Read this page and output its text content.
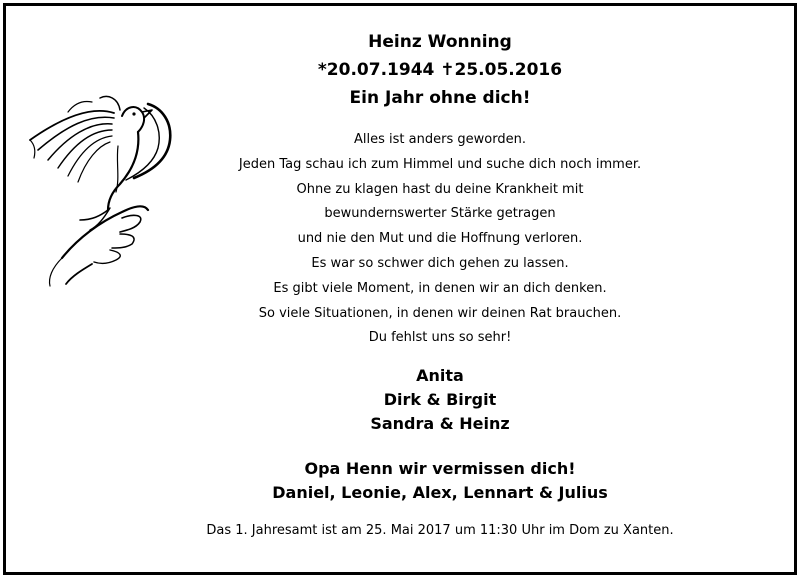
Heinz Wonning
*20.07.1944 ✝25.05.2016
Ein Jahr ohne dich!
Alles ist anders geworden.
Jeden Tag schau ich zum Himmel und suche dich noch immer.
Ohne zu klagen hast du deine Krankheit mit
bewundernswerter Stärke getragen
und nie den Mut und die Hoffnung verloren.
Es war so schwer dich gehen zu lassen.
Es gibt viele Moment, in denen wir an dich denken.
So viele Situationen, in denen wir deinen Rat brauchen.
Du fehlst uns so sehr!
Anita
Dirk & Birgit
Sandra & Heinz
Opa Henn wir vermissen dich!
Daniel, Leonie, Alex, Lennart & Julius
Das 1. Jahresamt ist am 25. Mai 2017 um 11:30 Uhr im Dom zu Xanten.
